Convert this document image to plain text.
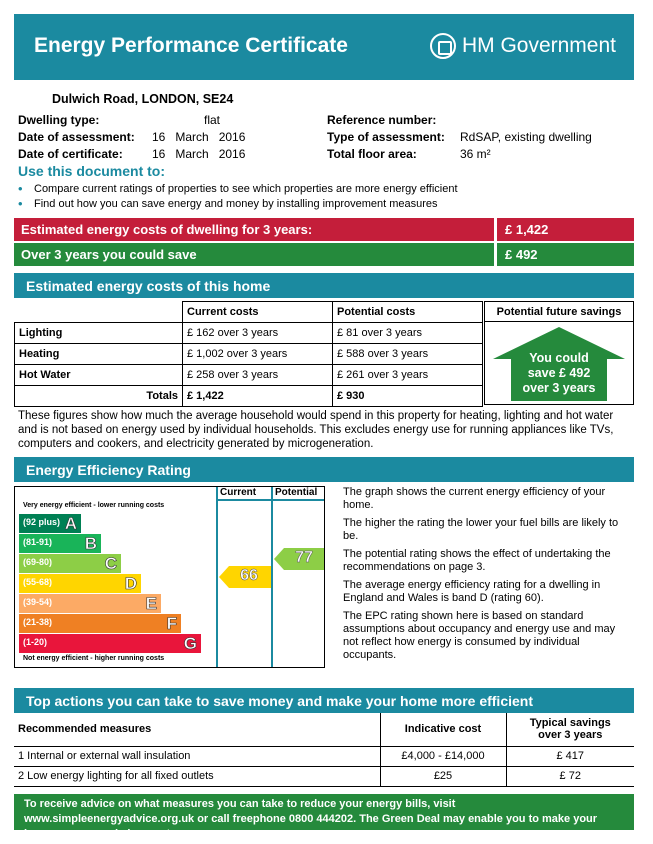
Energy Performance Certificate	HM Government
Dulwich Road, LONDON, SE24
Dwelling type:	flat
Date of assessment: 16   March   2016
Date of certificate: 16   March   2016
Reference number:
Type of assessment: RdSAP, existing dwelling
Total floor area:	36 m²
Use this document to:
• Compare current ratings of properties to see which properties are more energy efficient
• Find out how you can save energy and money by installing improvement measures
Estimated energy costs of dwelling for 3 years:	£ 1,422
Over 3 years you could save	£ 492
Estimated energy costs of this home
	Current costs	Potential costs
Lighting	£ 162 over 3 years	£ 81 over 3 years
Heating	£ 1,002 over 3 years	£ 588 over 3 years
Hot Water	£ 258 over 3 years	£ 261 over 3 years
Totals	£ 1,422	£ 930
Potential future savings
You could
save £ 492
over 3 years
These figures show how much the average household would spend in this property for heating, lighting and hot water and is not based on energy used by individual households. This excludes energy use for running appliances like TVs, computers and cookers, and electricity generated by microgeneration.
Energy Efficiency Rating
Current Potential
Very energy efficient - lower running costs
(92 plus) A
(81-91) B
(69-80)	C
(55-68)	D
(39-54)	E
(21-38)	F
(1-20)	G
Not energy efficient - higher running costs
66
77
The graph shows the current energy efficiency of your home.
The higher the rating the lower your fuel bills are likely to be.
The potential rating shows the effect of undertaking the recommendations on page 3.
The average energy efficiency rating for a dwelling in England and Wales is band D (rating 60).
The EPC rating shown here is based on standard assumptions about occupancy and energy use and may not reflect how energy is consumed by individual occupants.
Top actions you can take to save money and make your home more efficient
Recommended measures	Indicative cost	Typical savings over 3 years
1 Internal or external wall insulation	£4,000 - £14,000	£ 417
2 Low energy lighting for all fixed outlets	£25	£ 72
To receive advice on what measures you can take to reduce your energy bills, visit www.simpleenergyadvice.org.uk or call freephone 0800 444202. The Green Deal may enable you to make your home warmer and cheaper to run.
